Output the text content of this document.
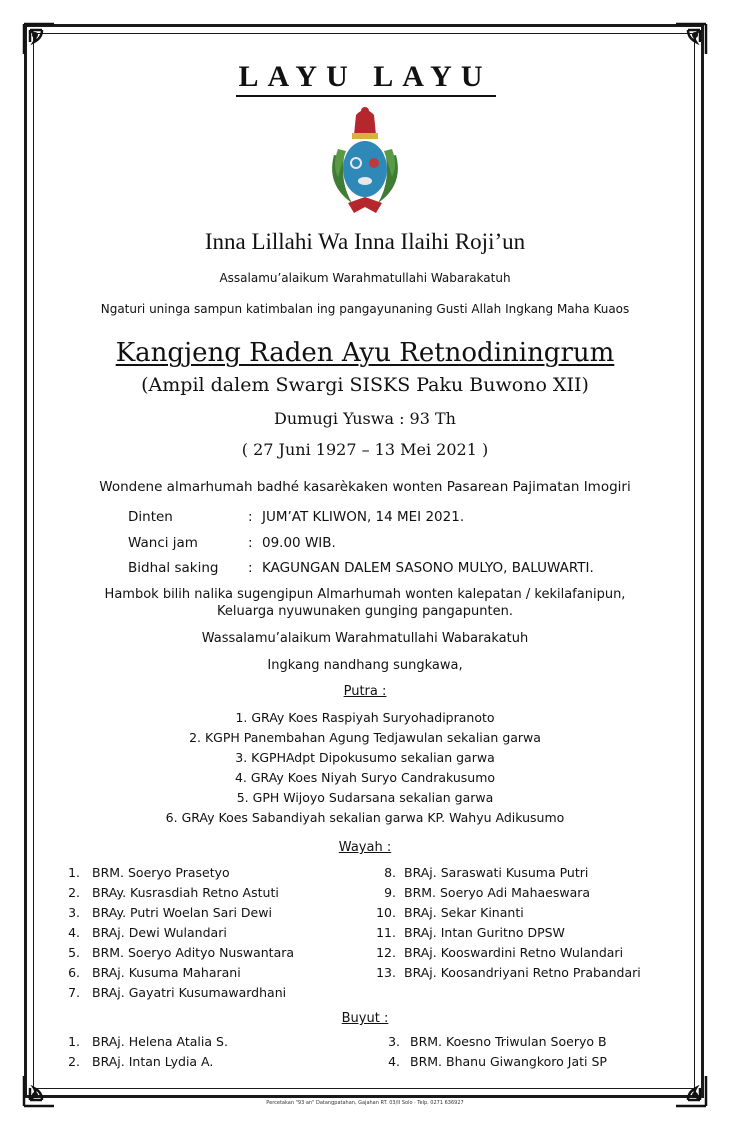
LAYU LAYU
Inna Lillahi Wa Inna Ilaihi Roji’un
Assalamu’alaikum Warahmatullahi Wabarakatuh
Ngaturi uninga sampun katimbalan ing pangayunaning Gusti Allah Ingkang Maha Kuaos
Kangjeng Raden Ayu Retnodiningrum
(Ampil dalem Swargi SISKS Paku Buwono XII)
Dumugi Yuswa : 93 Th
( 27 Juni 1927 – 13 Mei 2021 )
Wondene almarhumah badhé kasarèkaken wonten Pasarean Pajimatan Imogiri
Dinten	: JUM’AT KLIWON, 14 MEI 2021.
Wanci jam	: 09.00 WIB.
Bidhal saking : KAGUNGAN DALEM SASONO MULYO, BALUWARTI.
Hambok bilih nalika sugengipun Almarhumah wonten kalepatan / kekilafanipun,
Keluarga nyuwunaken gunging pangapunten.
Wassalamu’alaikum Warahmatullahi Wabarakatuh
Ingkang nandhang sungkawa,
Putra :
1. GRAy Koes Raspiyah Suryohadipranoto
2. KGPH Panembahan Agung Tedjawulan sekalian garwa
3. KGPHAdpt Dipokusumo sekalian garwa
4. GRAy Koes Niyah Suryo Candrakusumo
5. GPH Wijoyo Sudarsana sekalian garwa
6. GRAy Koes Sabandiyah sekalian garwa KP. Wahyu Adikusumo
Wayah :
1. BRM. Soeryo Prasetyo
2. BRAy. Kusrasdiah Retno Astuti
3. BRAy. Putri Woelan Sari Dewi
4. BRAj. Dewi Wulandari
5. BRM. Soeryo Adityo Nuswantara
6. BRAj. Kusuma Maharani
7. BRAj. Gayatri Kusumawardhani
8. BRAj. Saraswati Kusuma Putri
9. BRM. Soeryo Adi Mahaeswara
10. BRAj. Sekar Kinanti
11. BRAj. Intan Guritno DPSW
12. BRAj. Kooswardini Retno Wulandari
13. BRAj. Koosandriyani Retno Prabandari
Buyut :
1. BRAj. Helena Atalia S.
2. BRAj. Intan Lydia A.
3. BRM. Koesno Triwulan Soeryo B
4. BRM. Bhanu Giwangkoro Jati SP
Percetakan "93 an" Datangpatahan, Gajahan RT. 03/II Solo · Telp. 0271 636927
